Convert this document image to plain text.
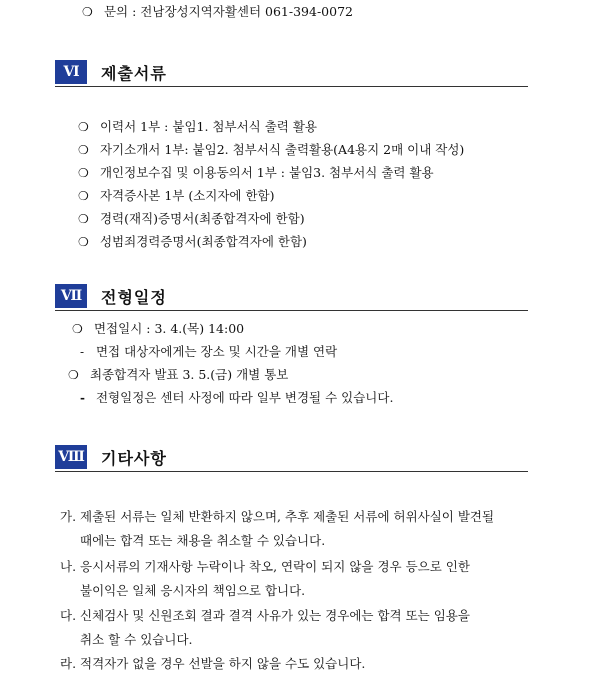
❍ 문의 : 전남장성지역자활센터 061-394-0072
Ⅵ	제출서류
❍ 이력서 1부 : 붙임1. 첨부서식 출력 활용
❍ 자기소개서 1부: 붙임2. 첨부서식 출력활용(A4용지 2매 이내 작성)
❍ 개인정보수집 및 이용동의서 1부 : 붙임3. 첨부서식 출력 활용
❍ 자격증사본 1부 (소지자에 한함)
❍ 경력(재직)증명서(최종합격자에 한함)
❍ 성범죄경력증명서(최종합격자에 한함)
Ⅶ	전형일정
❍ 면접일시 : 3. 4.(목) 14:00
- 면접 대상자에게는 장소 및 시간을 개별 연락
❍ 최종합격자 발표 3. 5.(금) 개별 통보
- 전형일정은 센터 사정에 따라 일부 변경될 수 있습니다.
Ⅷ 기타사항
가. 제출된 서류는 일체 반환하지 않으며, 추후 제출된 서류에 허위사실이 발견될
때에는 합격 또는 채용을 취소할 수 있습니다.
나. 응시서류의 기재사항 누락이나 착오, 연락이 되지 않을 경우 등으로 인한
불이익은 일체 응시자의 책임으로 합니다.
다. 신체검사 및 신원조회 결과 결격 사유가 있는 경우에는 합격 또는 임용을
취소 할 수 있습니다.
라. 적격자가 없을 경우 선발을 하지 않을 수도 있습니다.
